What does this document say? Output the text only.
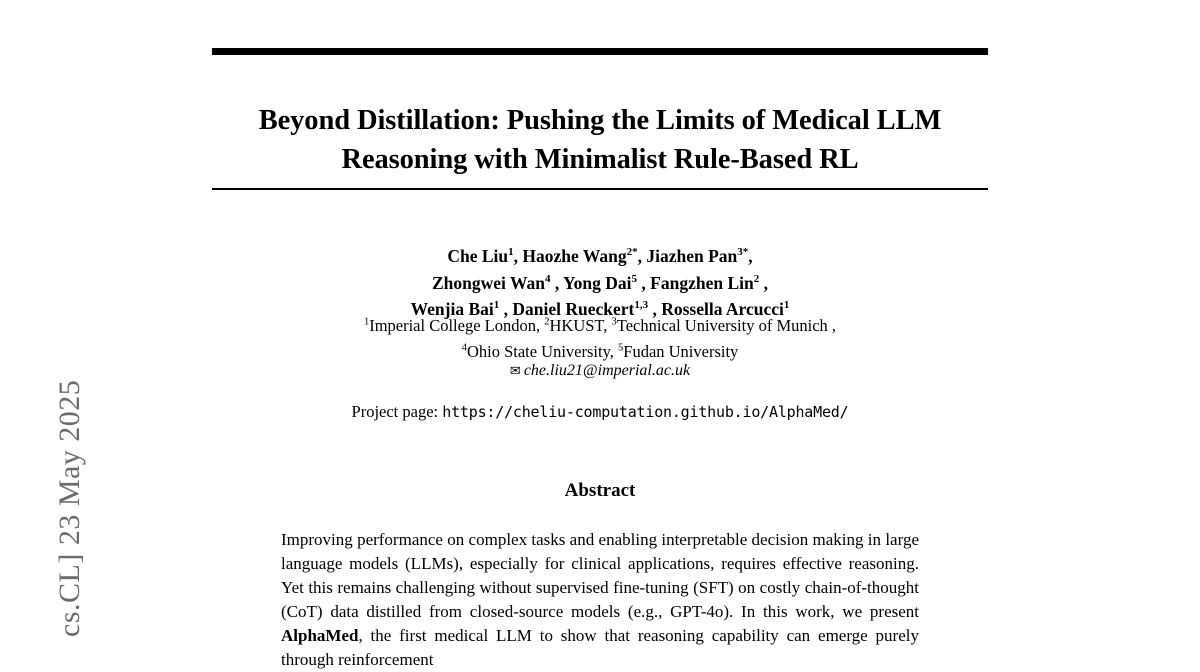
cs.CL] 23 May 2025
Beyond Distillation: Pushing the Limits of Medical LLM Reasoning with Minimalist Rule-Based RL
Che Liu$^1$, Haozhe Wang$^{2*}$, Jiazhen Pan$^{3*}$,
Zhongwei Wan$^4$ , Yong Dai$^5$ , Fangzhen Lin$^2$ ,
Wenjia Bai$^1$ , Daniel Rueckert$^{1,3}$ , Rossella Arcucci$^1$
$^1$Imperial College London, $^2$HKUST, $^3$Technical University of Munich ,
$^4$Ohio State University, $^5$Fudan University
✉ che.liu21@imperial.ac.uk
Project page: https://cheliu-computation.github.io/AlphaMed/
Abstract
Improving performance on complex tasks and enabling interpretable decision making in large language models (LLMs), especially for clinical applications, requires effective reasoning. Yet this remains challenging without supervised fine-tuning (SFT) on costly chain-of-thought (CoT) data distilled from closed-source models (e.g., GPT-4o). In this work, we present AlphaMed, the first medical LLM to show that reasoning capability can emerge purely through reinforcement
